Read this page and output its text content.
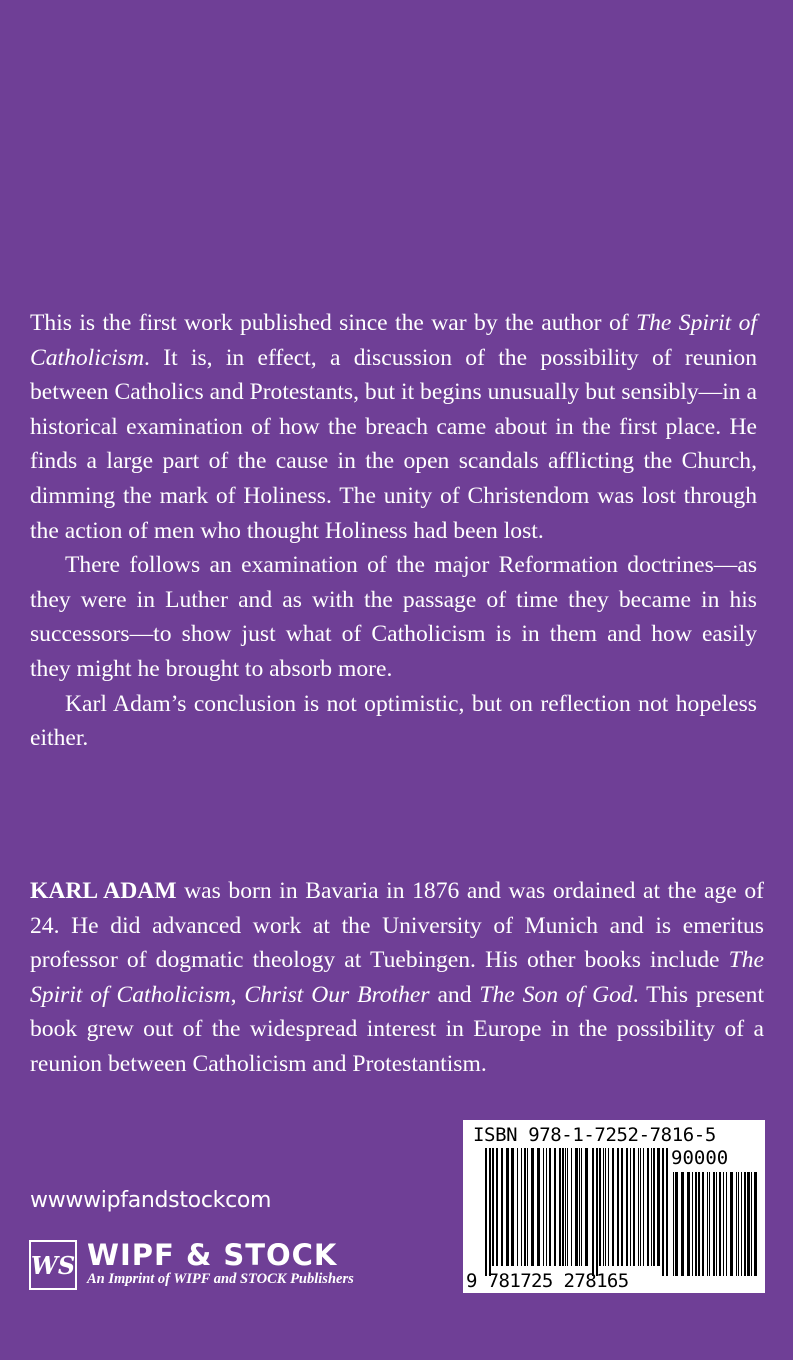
This is the first work published since the war by the author of The Spirit of Catholicism. It is, in effect, a discussion of the possibility of reunion between Catholics and Protestants, but it begins unusually but sensibly—in a historical examination of how the breach came about in the first place. He finds a large part of the cause in the open scandals afflicting the Church, dimming the mark of Holiness. The unity of Christendom was lost through the action of men who thought Holiness had been lost.

There follows an examination of the major Reformation doctrines—as they were in Luther and as with the passage of time they became in his successors—to show just what of Catholicism is in them and how easily they might he brought to absorb more.

Karl Adam’s conclusion is not optimistic, but on reflection not hopeless either.

KARL ADAM was born in Bavaria in 1876 and was ordained at the age of 24. He did advanced work at the University of Munich and is emeritus professor of dogmatic theology at Tuebingen. His other books include The Spirit of Catholicism, Christ Our Brother and The Son of God. This present book grew out of the widespread interest in Europe in the possibility of a reunion between Catholicism and Protestantism.

wwwwipfandstockcom
WS WIPF & STOCK
An Imprint of WIPF and STOCK Publishers
ISBN 978-1-7252-7816-5
90000
9 781725 278165
